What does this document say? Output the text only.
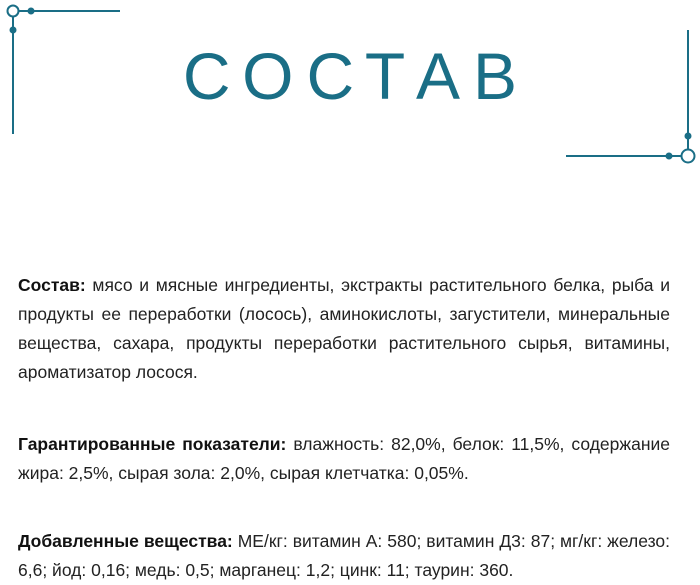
СОСТАВ

Состав: мясо и мясные ингредиенты, экстракты растительного белка, рыба и продукты ее переработки (лосось), аминокислоты, загустители, минеральные вещества, сахара, продукты переработки растительного сырья, витамины, ароматизатор лосося.

Гарантированные показатели: влажность: 82,0%, белок: 11,5%, содержание жира: 2,5%, сырая зола: 2,0%, сырая клетчатка: 0,05%.

Добавленные вещества: МЕ/кг: витамин А: 580; витамин Д3: 87; мг/кг: железо: 6,6; йод: 0,16; медь: 0,5; марганец: 1,2; цинк: 11; таурин: 360.
